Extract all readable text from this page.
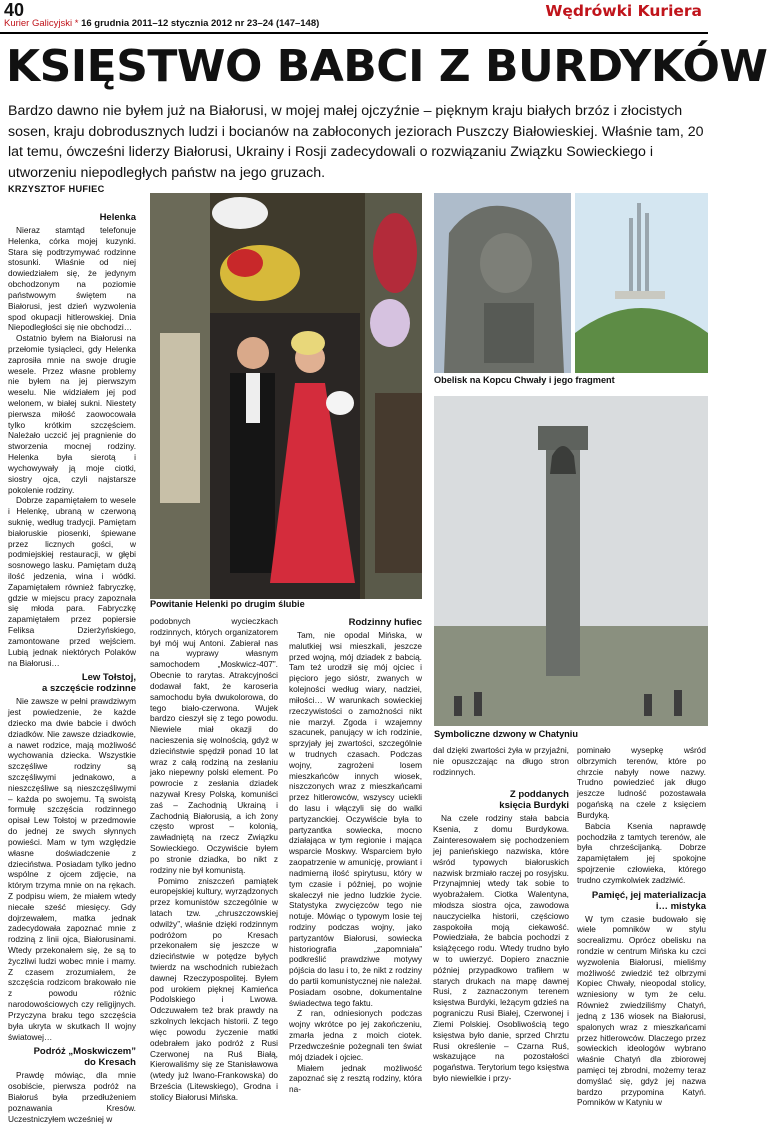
40
Kurier Galicyjski * 16 grudnia 2011–12 stycznia 2012 nr 23–24 (147–148)
Wędrówki Kuriera
KSIĘSTWO BABCI Z BURDYKÓW
Bardzo dawno nie byłem już na Białorusi, w mojej małej ojczyźnie – pięknym kraju białych brzóz i złocistych sosen, kraju dobrodusznych ludzi i bocianów na zabłoconych jeziorach Puszczy Białowieskiej. Właśnie tam, 20 lat temu, ówcześni liderzy Białorusi, Ukrainy i Rosji zadecydowali o rozwiązaniu Związku Sowieckiego i utworzeniu niepodległych państw na jego gruzach.
KRZYSZTOF HUFIEC
Helenka

Nieraz stamtąd telefonuje Helenka, córka mojej kuzynki. Stara się podtrzymywać rodzinne stosunki. Właśnie od niej dowiedziałem się, że jedynym obchodzonym na poziomie państwowym świętem na Białorusi, jest dzień wyzwolenia spod okupacji hitlerowskiej. Dnia Niepodległości się nie obchodzi…

Ostatnio byłem na Białorusi na przełomie tysiącleci, gdy Helenka zaprosiła mnie na swoje drugie wesele. Przez własne problemy nie byłem na jej pierwszym weselu. Nie widziałem jej pod welonem, w białej sukni. Niestety pierwsza miłość zaowocowała tylko krótkim szczęściem. Należało uczcić jej pragnienie do stworzenia mocnej rodziny. Helenka była sierotą i wychowywały ją moje ciotki, siostry ojca, czyli najstarsze pokolenie rodziny.

Dobrze zapamiętałem to wesele i Helenkę, ubraną w czerwoną suknię, według tradycji. Pamiętam białoruskie piosenki, śpiewane przez licznych gości, w podmiejskiej restauracji, w głębi sosnowego lasku. Pamiętam dużą ilość jedzenia, wina i wódki. Zapamiętałem również fabryczkę, gdzie w miejscu pracy zapoznała się młoda para. Fabryczkę zapamiętałem przez popiersie Feliksa Dzierżyńskiego, zamontowane przed wejściem. Lubią jednak niektórych Polaków na Białorusi…

Lew Tołstoj,
a szczęście rodzinne

Nie zawsze w pełni prawdziwym jest powiedzenie, że każde dziecko ma dwie babcie i dwóch dziadków. Nie zawsze dziadkowie, a nawet rodzice, mają możliwość wychowania dziecka. Wszystkie szczęśliwe rodziny są szczęśliwymi jednakowo, a nieszczęśliwe są nieszczęśliwymi – każda po swojemu. Tą swoistą formułę szczęścia rodzinnego opisał Lew Tołstoj w przedmowie do jednej ze swych słynnych powieści. Mam w tym względzie własne doświadczenie z dzieciństwa. Posiadam tylko jedno wspólne z ojcem zdjęcie, na którym trzyma mnie on na rękach. Z podpisu wiem, że miałem wtedy niecałe sześć miesięcy. Gdy dojrzewałem, matka jednak zadecydowała zapoznać mnie z rodziną z linii ojca, Białorusinami. Wtedy przekonałem się, że są to życzliwi ludzi wobec mnie i mamy. Z czasem zrozumiałem, że szczęścia rodzicom brakowało nie z powodu różnic narodowościowych czy religijnych. Przyczyna braku tego szczęścia była ukryta w skutkach II wojny światowej…

Podróż „Moskwiczem”
do Kresach

Prawdę mówiąc, dla mnie osobiście, pierwsza podróż na Białoruś była przedłużeniem poznawania Kresów. Uczestniczyłem wcześniej w

Powitanie Helenki po drugim ślubie

podobnych wycieczkach rodzinnych, których organizatorem był mój wuj Antoni. Zabierał nas na wyprawy własnym samochodem „Moskwicz-407”. Obecnie to rarytas. Atrakcyjności dodawał fakt, że karoseria samochodu była dwukolorowa, do tego biało-czerwona. Wujek bardzo cieszył się z tego powodu. Niewiele miał okazji do nacieszenia się wolnością, gdyż w dzieciństwie spędził ponad 10 lat wraz z całą rodziną na zesłaniu jako niepewny polski element. Po powrocie z zesłania dziadek nazywał Kresy Polską, komuniści zaś – Zachodnią Ukrainą i Zachodnią Białorusią, a ich żony często wprost – kolonią, zawładniętą na rzecz Związku Sowieckiego. Oczywiście byłem po stronie dziadka, bo nikt z rodziny nie był komunistą.

Pomimo zniszczeń pamiątek europejskiej kultury, wyrządzonych przez komunistów szczególnie w latach tzw. „chruszczowskiej odwilży”, właśnie dzięki rodzinnym podróżom po Kresach przekonałem się jeszcze w dzieciństwie w potędze byłych twierdz na wschodnich rubieżach dawnej Rzeczypospolitej. Byłem pod urokiem pięknej Kamieńca Podolskiego i Lwowa. Odczuwałem też brak prawdy na szkolnych lekcjach historii. Z tego więc powodu życzenie matki odebrałem jako podróż z Rusi Czerwonej na Ruś Białą, Kierowaliśmy się ze Stanisławowa (wtedy już Iwano-Frankowska) do Brześcia (Litewskiego), Grodna i stolicy Białorusi Mińska.

Rodzinny hufiec

Tam, nie opodal Mińska, w malutkiej wsi mieszkali, jeszcze przed wojną, mój dziadek z babcią. Tam też urodził się mój ojciec i pięcioro jego sióstr, zwanych w kolejności według wiary, nadziei, miłości… W warunkach sowieckiej rzeczywistości o zamożności nikt nie marzył. Zgoda i wzajemny szacunek, panujący w ich rodzinie, sprzyjały jej zwartości, szczególnie w trudnych czasach. Podczas wojny, zagrożeni losem mieszkańców innych wiosek, niszczonych wraz z mieszkańcami przez hitlerowców, wszyscy uciekli do lasu i włączyli się do walki partyzanckiej. Oczywiście była to partyzantka sowiecka, mocno działająca w tym regionie i mająca wsparcie Moskwy. Wsparciem było zaopatrzenie w amunicję, prowiant i nadmierną ilość spirytusu, który w tym czasie i później, po wojnie skaleczył nie jedno ludzkie życie. Statystyka zwycięzców tego nie notuje. Mówiąc o typowym losie tej rodziny podczas wojny, jako partyzantów Białorusi, sowiecka historiografia „zapomniała” podkreślić prawdziwe motywy pójścia do lasu i to, że nikt z rodziny do partii komunistycznej nie należał. Posiadam osobne, dokumentalne świadectwa tego faktu.

Z ran, odniesionych podczas wojny wkrótce po jej zakończeniu, zmarła jedna z moich ciotek. Przedwcześnie pożegnali ten świat mój dziadek i ojciec.

Miałem jednak możliwość zapoznać się z resztą rodziny, która na-

Obelisk na Kopcu Chwały i jego fragment
Symboliczne dzwony w Chatyniu

dal dzięki zwartości żyła w przyjaźni, nie opuszczając na długo stron rodzinnych.

Z poddanych
księcia Burdyki

Na czele rodziny stała babcia Ksenia, z domu Burdykowa. Zainteresowałem się pochodzeniem jej panieńskiego nazwiska, które wśród typowych białoruskich nazwisk brzmiało raczej po rosyjsku. Przynajmniej wtedy tak sobie to wyobrażałem. Ciotka Walentyna, młodsza siostra ojca, zawodowa nauczycielka historii, częściowo zaspokoiła moją ciekawość. Powiedziała, że babcia pochodzi z książęcego rodu. Wtedy trudno było w to uwierzyć. Dopiero znacznie później przypadkowo trafiłem w starych drukach na mapę dawnej Rusi, z zaznaczonym terenem księstwa Burdyki, leżącym gdzieś na pograniczu Rusi Białej, Czerwonej i Ziemi Polskiej. Osobliwością tego księstwa było danie, sprzed Chrztu Rusi określenie – Czarna Ruś, wskazujące na pozostałości pogaństwa. Terytorium tego księstwa było niewielkie i przy-

pominało wysepkę wśród olbrzymich terenów, które po chrzcie nabyły nowe nazwy. Trudno powiedzieć jak długo jeszcze ludność pozostawała pogańską na czele z księciem Burdyką.

Babcia Ksenia naprawdę pochodziła z tamtych terenów, ale była chrześcijanką. Dobrze zapamiętałem jej spokojne spojrzenie człowieka, którego trudno czymkolwiek zadziwić.

Pamięć, jej materializacja
i… mistyka

W tym czasie budowało się wiele pomników w stylu socrealizmu. Oprócz obelisku na rondzie w centrum Mińska ku czci wyzwolenia Białorusi, mieliśmy możliwość zwiedzić też olbrzymi Kopiec Chwały, nieopodal stolicy, wzniesiony w tym że celu. Również zwiedziliśmy Chatyń, jedną z 136 wiosek na Białorusi, spalonych wraz z mieszkańcami przez hitlerowców. Dlaczego przez sowieckich ideologów wybrano właśnie Chatyń dla zbiorowej pamięci tej zbrodni, możemy teraz domyślać się, gdyż jej nazwa bardzo przypomina Katyń. Pomników w Katyniu w
